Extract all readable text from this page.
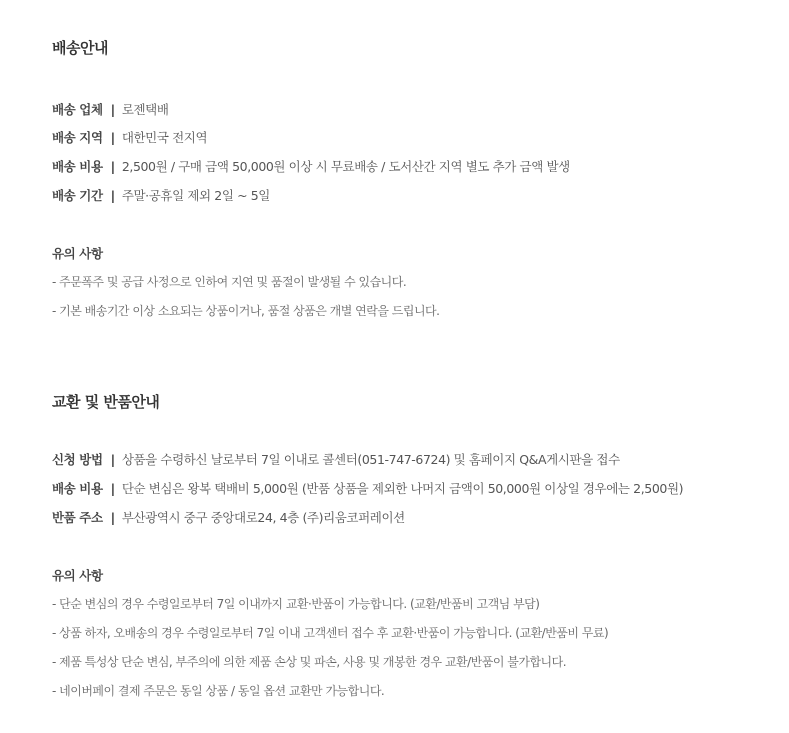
배송안내
배송 업체 | 로젠택배
배송 지역 | 대한민국 전지역
배송 비용 | 2,500원 / 구매 금액 50,000원 이상 시 무료배송 / 도서산간 지역 별도 추가 금액 발생
배송 기간 | 주말·공휴일 제외 2일 ~ 5일
유의 사항
- 주문폭주 및 공급 사정으로 인하여 지연 및 품절이 발생될 수 있습니다.
- 기본 배송기간 이상 소요되는 상품이거나, 품절 상품은 개별 연락을 드립니다.
교환 및 반품안내
신청 방법 | 상품을 수령하신 날로부터 7일 이내로 콜센터(051-747-6724) 및 홈페이지 Q&A게시판을 접수
배송 비용 | 단순 변심은 왕복 택배비 5,000원 (반품 상품을 제외한 나머지 금액이 50,000원 이상일 경우에는 2,500원)
반품 주소 | 부산광역시 중구 중앙대로24, 4층 (주)리움코퍼레이션
유의 사항
- 단순 변심의 경우 수령일로부터 7일 이내까지 교환·반품이 가능합니다. (교환/반품비 고객님 부담)
- 상품 하자, 오배송의 경우 수령일로부터 7일 이내 고객센터 접수 후 교환·반품이 가능합니다. (교환/반품비 무료)
- 제품 특성상 단순 변심, 부주의에 의한 제품 손상 및 파손, 사용 및 개봉한 경우 교환/반품이 불가합니다.
- 네이버페이 결제 주문은 동일 상품 / 동일 옵션 교환만 가능합니다.
